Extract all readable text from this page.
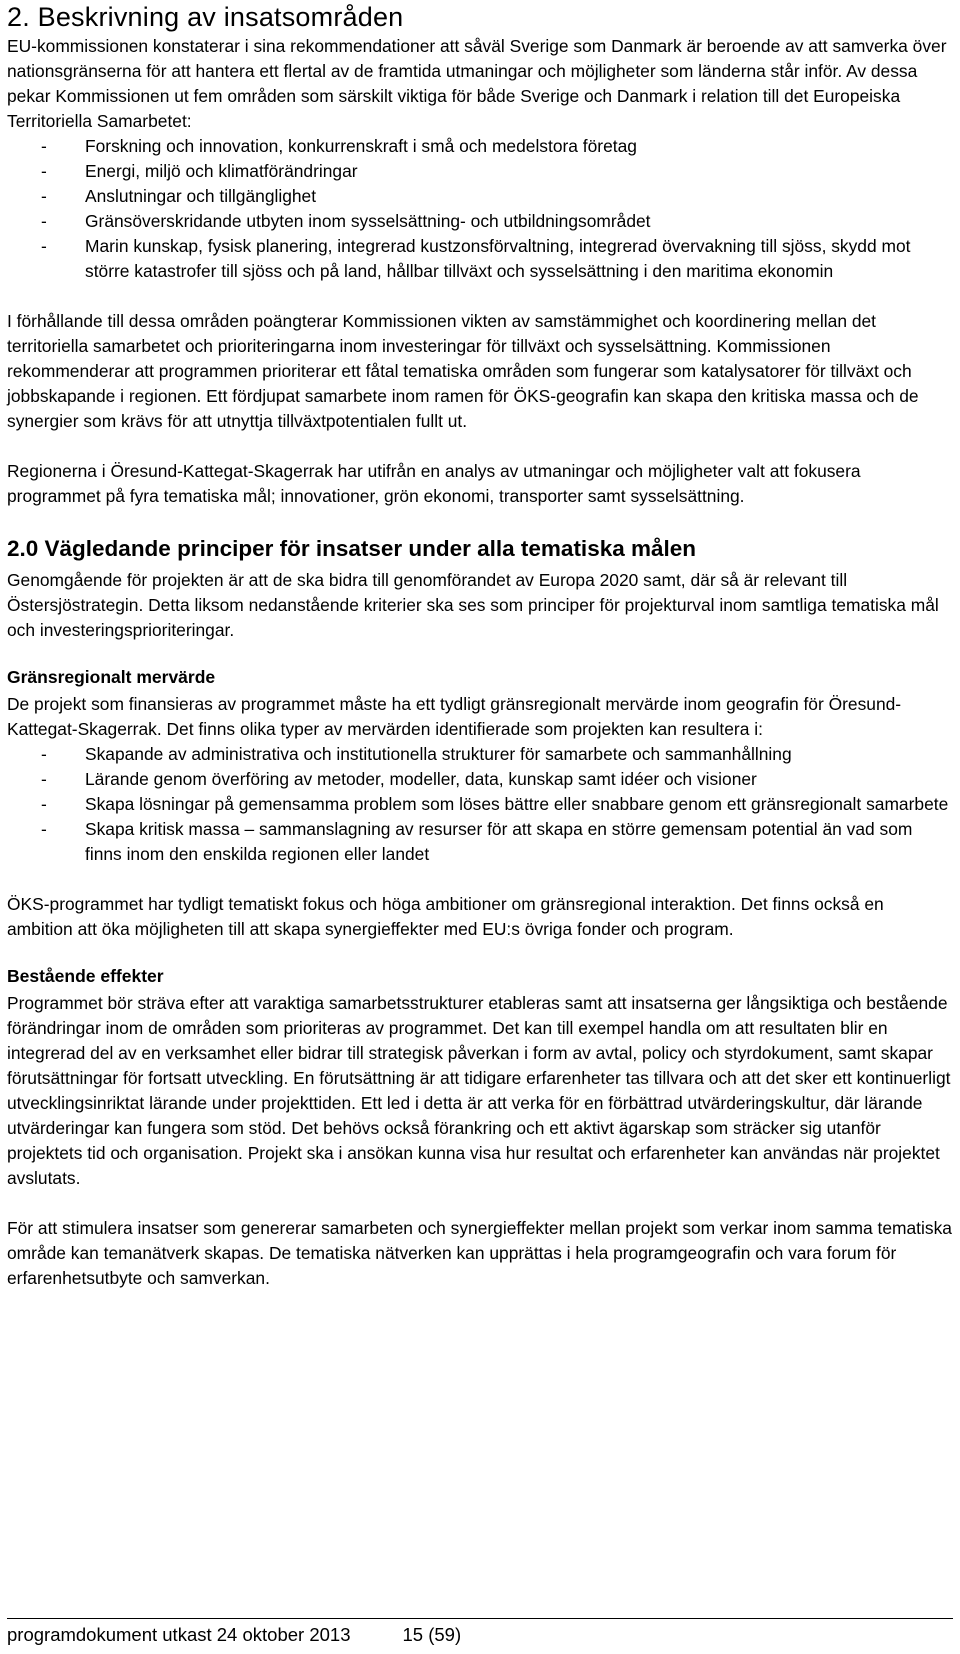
2. Beskrivning av insatsområden

EU-kommissionen konstaterar i sina rekommendationer att såväl Sverige som Danmark är beroende av att samverka över nationsgränserna för att hantera ett flertal av de framtida utmaningar och möjligheter som länderna står inför. Av dessa pekar Kommissionen ut fem områden som särskilt viktiga för både Sverige och Danmark i relation till det Europeiska Territoriella Samarbetet:

- Forskning och innovation, konkurrenskraft i små och medelstora företag
- Energi, miljö och klimatförändringar
- Anslutningar och tillgänglighet
- Gränsöverskridande utbyten inom sysselsättning- och utbildningsområdet
- Marin kunskap, fysisk planering, integrerad kustzonsförvaltning, integrerad övervakning till sjöss, skydd mot större katastrofer till sjöss och på land, hållbar tillväxt och sysselsättning i den maritima ekonomin

I förhållande till dessa områden poängterar Kommissionen vikten av samstämmighet och koordinering mellan det territoriella samarbetet och prioriteringarna inom investeringar för tillväxt och sysselsättning. Kommissionen rekommenderar att programmen prioriterar ett fåtal tematiska områden som fungerar som katalysatorer för tillväxt och jobbskapande i regionen. Ett fördjupat samarbete inom ramen för ÖKS-geografin kan skapa den kritiska massa och de synergier som krävs för att utnyttja tillväxtpotentialen fullt ut.

Regionerna i Öresund-Kattegat-Skagerrak har utifrån en analys av utmaningar och möjligheter valt att fokusera programmet på fyra tematiska mål; innovationer, grön ekonomi, transporter samt sysselsättning.

2.0 Vägledande principer för insatser under alla tematiska målen

Genomgående för projekten är att de ska bidra till genomförandet av Europa 2020 samt, där så är relevant till Östersjöstrategin. Detta liksom nedanstående kriterier ska ses som principer för projekturval inom samtliga tematiska mål och investeringsprioriteringar.

Gränsregionalt mervärde

De projekt som finansieras av programmet måste ha ett tydligt gränsregionalt mervärde inom geografin för Öresund-Kattegat-Skagerrak. Det finns olika typer av mervärden identifierade som projekten kan resultera i:

- Skapande av administrativa och institutionella strukturer för samarbete och sammanhållning
- Lärande genom överföring av metoder, modeller, data, kunskap samt idéer och visioner
- Skapa lösningar på gemensamma problem som löses bättre eller snabbare genom ett gränsregionalt samarbete
- Skapa kritisk massa – sammanslagning av resurser för att skapa en större gemensam potential än vad som finns inom den enskilda regionen eller landet

ÖKS-programmet har tydligt tematiskt fokus och höga ambitioner om gränsregional interaktion. Det finns också en ambition att öka möjligheten till att skapa synergieffekter med EU:s övriga fonder och program.

Bestående effekter

Programmet bör sträva efter att varaktiga samarbetsstrukturer etableras samt att insatserna ger långsiktiga och bestående förändringar inom de områden som prioriteras av programmet. Det kan till exempel handla om att resultaten blir en integrerad del av en verksamhet eller bidrar till strategisk påverkan i form av avtal, policy och styrdokument, samt skapar förutsättningar för fortsatt utveckling. En förutsättning är att tidigare erfarenheter tas tillvara och att det sker ett kontinuerligt utvecklingsinriktat lärande under projekttiden. Ett led i detta är att verka för en förbättrad utvärderingskultur, där lärande utvärderingar kan fungera som stöd. Det behövs också förankring och ett aktivt ägarskap som sträcker sig utanför projektets tid och organisation. Projekt ska i ansökan kunna visa hur resultat och erfarenheter kan användas när projektet avslutats.

För att stimulera insatser som genererar samarbeten och synergieffekter mellan projekt som verkar inom samma tematiska område kan temanätverk skapas. De tematiska nätverken kan upprättas i hela programgeografin och vara forum för erfarenhetsutbyte och samverkan.

programdokument utkast 24 oktober 2013	15 (59)
